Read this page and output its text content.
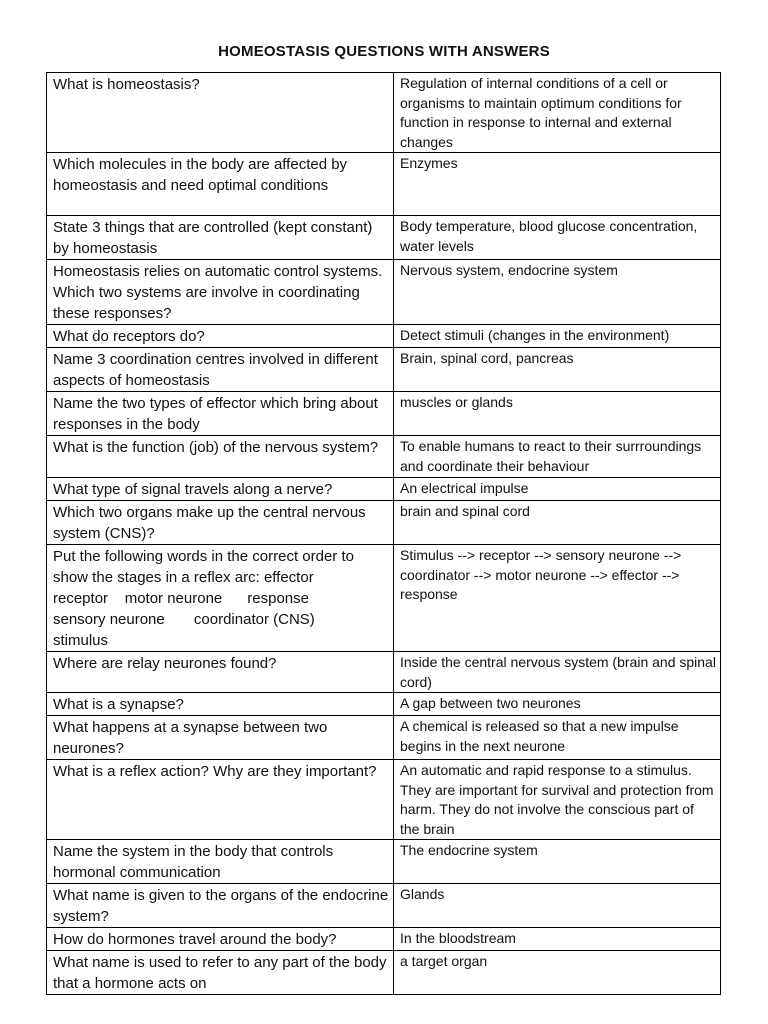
HOMEOSTASIS QUESTIONS WITH ANSWERS
What is homeostasis?	Regulation of internal conditions of a cell or organisms to maintain optimum conditions for function in response to internal and external changes
Which molecules in the body are affected by homeostasis and need optimal conditions	Enzymes
State 3 things that are controlled (kept constant) by homeostasis	Body temperature, blood glucose concentration, water levels
Homeostasis relies on automatic control systems. Which two systems are involve in coordinating these responses?	Nervous system, endocrine system
What do receptors do?	Detect stimuli (changes in the environment)
Name 3 coordination centres involved in different aspects of homeostasis	Brain, spinal cord, pancreas
Name the two types of effector which bring about responses in the body	muscles or glands
What is the function (job) of the nervous system?	To enable humans to react to their surrroundings and coordinate their behaviour
What type of signal travels along a nerve?	An electrical impulse
Which two organs make up the central nervous system (CNS)?	brain and spinal cord
Put the following words in the correct order to show the stages in a reflex arc: effector
receptor    motor neurone      response
sensory neurone       coordinator (CNS)
stimulus	Stimulus --> receptor --> sensory neurone --> coordinator --> motor neurone --> effector --> response
Where are relay neurones found?	Inside the central nervous system (brain and spinal cord)
What is a synapse?	A gap between two neurones
What happens at a synapse between two neurones?	A chemical is released so that a new impulse begins in the next neurone
What is a reflex action? Why are they important?	An automatic and rapid response to a stimulus. They are important for survival and protection from harm. They do not involve the conscious part of the brain
Name the system in the body that controls hormonal communication	The endocrine system
What name is given to the organs of the endocrine system?	Glands
How do hormones travel around the body?	In the bloodstream
What name is used to refer to any part of the body that a hormone acts on	a target organ
